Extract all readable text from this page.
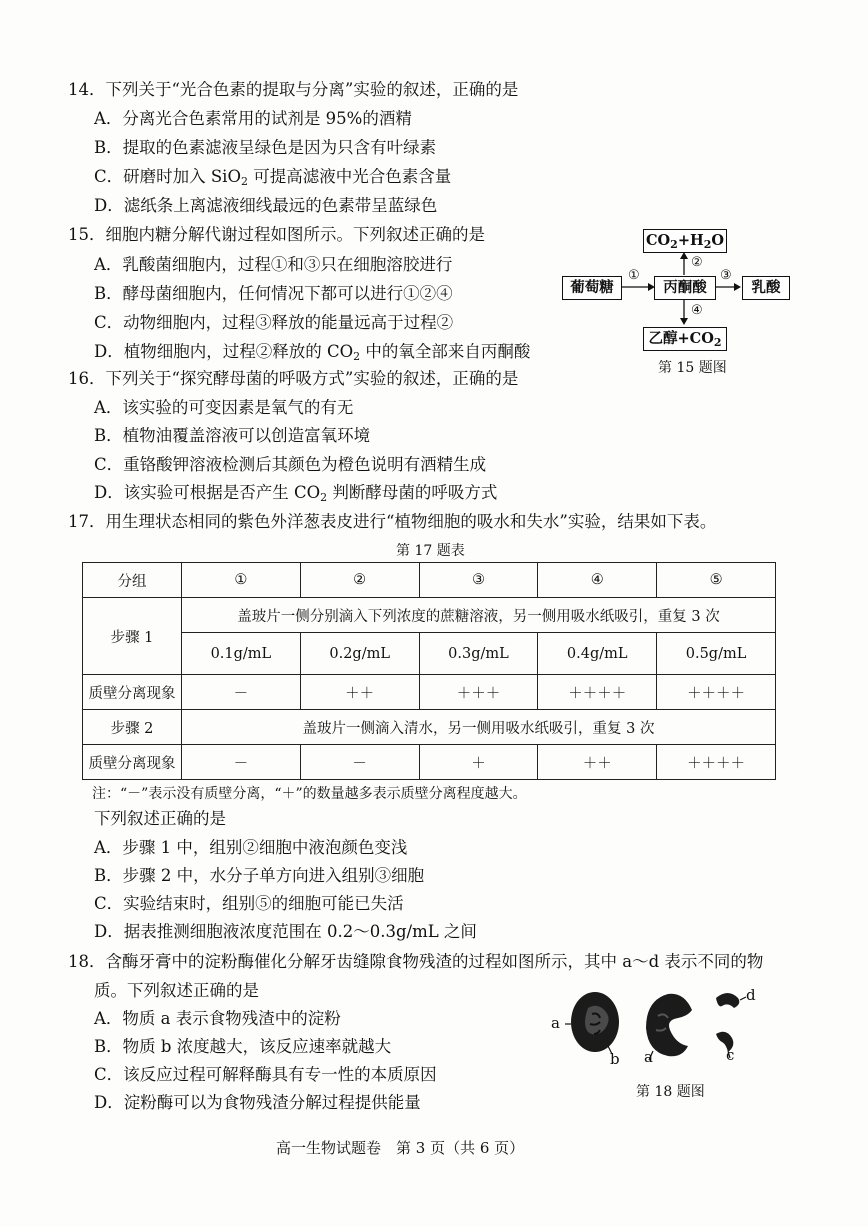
14．下列关于“光合色素的提取与分离”实验的叙述，正确的是
A．分离光合色素常用的试剂是 95%的酒精
B．提取的色素滤液呈绿色是因为只含有叶绿素
C．研磨时加入 SiO$_2$ 可提高滤液中光合色素含量
D．滤纸条上离滤液细线最远的色素带呈蓝绿色
15．细胞内糖分解代谢过程如图所示。下列叙述正确的是
A．乳酸菌细胞内，过程①和③只在细胞溶胶进行
B．酵母菌细胞内，任何情况下都可以进行①②④
C．动物细胞内，过程③释放的能量远高于过程②
D．植物细胞内，过程②释放的 $CO_2$ 中的氧全部来自丙酮酸
$CO_2+H_2O$
葡萄糖	丙酮酸	乳酸
乙醇$+CO_2$
①
②
③
④
第 15 题图
16．下列关于“探究酵母菌的呼吸方式”实验的叙述，正确的是
A．该实验的可变因素是氧气的有无
B．植物油覆盖溶液可以创造富氧环境
C．重铬酸钾溶液检测后其颜色为橙色说明有酒精生成
D．该实验可根据是否产生 $CO_2$ 判断酵母菌的呼吸方式
17．用生理状态相同的紫色外洋葱表皮进行“植物细胞的吸水和失水”实验，结果如下表。
第 17 题表
分组	①	②	③	④	⑤
步骤 1	盖玻片一侧分别滴入下列浓度的蔗糖溶液，另一侧用吸水纸吸引，重复 3 次				
	0.1g/mL	0.2g/mL	0.3g/mL	0.4g/mL	0.5g/mL
质壁分离现象	－	＋＋	＋＋＋	＋＋＋＋	＋＋＋＋
步骤 2	盖玻片一侧滴入清水，另一侧用吸水纸吸引，重复 3 次				
质壁分离现象	－	－	＋	＋＋	＋＋＋＋
注：“－”表示没有质壁分离，“＋”的数量越多表示质壁分离程度越大。
下列叙述正确的是
A．步骤 1 中，组别②细胞中液泡颜色变浅
B．步骤 2 中，水分子单方向进入组别③细胞
C．实验结束时，组别⑤的细胞可能已失活
D．据表推测细胞液浓度范围在 0.2～0.3g/mL 之间
18．含酶牙膏中的淀粉酶催化分解牙齿缝隙食物残渣的过程如图所示，其中 a～d 表示不同的物
质。下列叙述正确的是
A．物质 a 表示食物残渣中的淀粉
B．物质 b 浓度越大，该反应速率就越大
C．该反应过程可解释酶具有专一性的本质原因
D．淀粉酶可以为食物残渣分解过程提供能量
a
b a	c
d
第 18 题图
高一生物试题卷　第 3 页（共 6 页）
